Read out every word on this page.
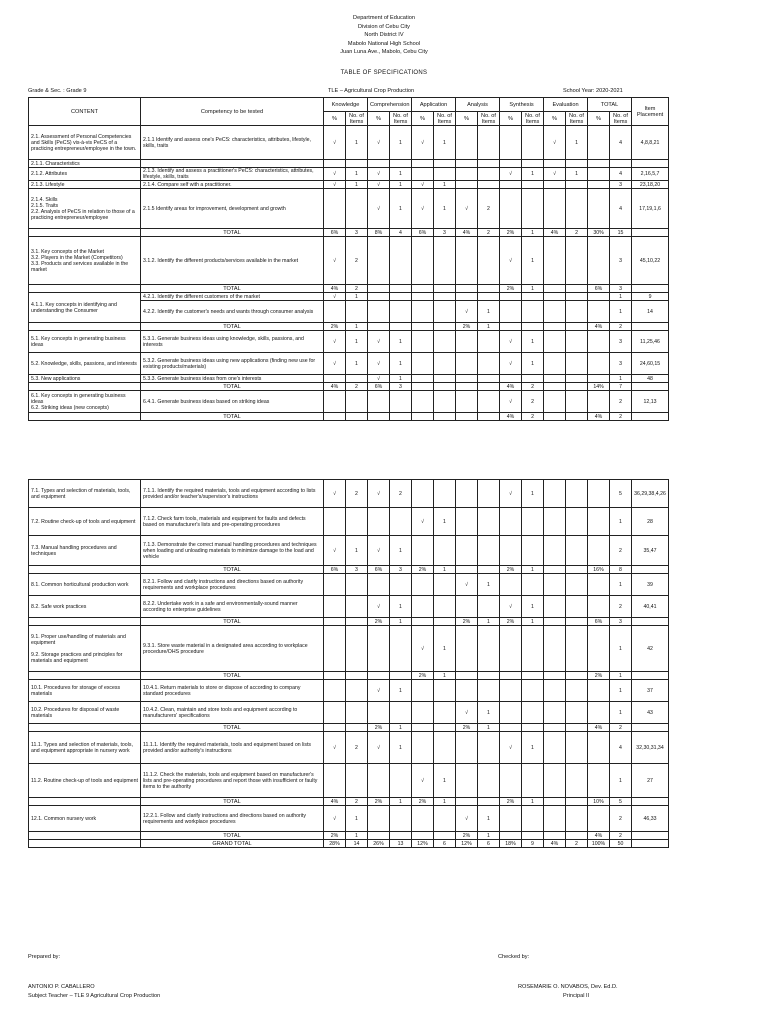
Department of Education
Division of Cebu City
North District IV
Mabolo National High School
Juan Luna Ave., Mabolo, Cebu City
TABLE OF SPECIFICATIONS
Grade & Sec. : Grade 9	TLE – Agricultural Crop Production	School Year: 2020-2021
CONTENT	Competency to be tested	Knowledge		Comprehension		Application		Analysis		Synthesis		Evaluation		TOTAL		Item Placement
		%	No. of Items	%	No. of Items	%	No. of Items	%	No. of Items	%	No. of Items	%	No. of Items	%	No. of Items	
2.1. Assessment of Personal Competencies and Skills (PeCS) vis-à-vis PeCS of a practicing entrepreneur/employee in the town.	2.1.1 Identify and assess one's PeCS: characteristics, attributes, lifestyle, skills, traits	√	1	√	1	√	1					√	1		4	4,8,8,21
2.1.1. Characteristics																
2.1.2. Attributes	2.1.3. Identify and assess a practitioner's PeCS: characteristics, attributes, lifestyle, skills, traits	√	1	√	1					√	1	√	1		4	2,16,5,7
2.1.3. Lifestyle	2.1.4. Compare self with a practitioner.	√	1	√	1	√	1								3	23,18,20
2.1.4. Skills
2.1.5. Traits
2.2. Analysis of PeCS in relation to those of a practicing entrepreneur/employee	2.1.5 Identify areas for improvement, development and growth			√	1	√	1	√	2						4	17,19,1,6
	TOTAL	6%	3	8%	4	6%	3	4%	2	2%	1	4%	2	30%	15	
3.1. Key concepts of the Market
3.2. Players in the Market (Competitors)
3.3. Products and services available in the market	3.1.2. Identify the different products/services available in the market	√	2							√	1				3	45,10,22
	TOTAL	4%	2							2%	1			6%	3	
4.1.1. Key concepts in identifying and understanding the Consumer	4.2.1. Identify the different customers of the market	√	1												1	9
	4.2.2. Identify the customer's needs and wants through consumer analysis							√	1						1	14
	TOTAL	2%	1					2%	1					4%	2	
5.1. Key concepts in generating business ideas	5.3.1. Generate business ideas using knowledge, skills, passions, and interests	√	1	√	1					√	1				3	11,25,46
5.2. Knowledge, skills, passions, and interests	5.3.2. Generate business ideas using new applications (finding new use for existing products/materials)	√	1	√	1					√	1				3	24,60,15
5.3. New applications	5.3.3. Generate business ideas from one's interests			√	1										1	48
	TOTAL	4%	2	6%	3					4%	2			14%	7	
6.1. Key concepts in generating business ideas
6.2. Striking ideas (new concepts)	6.4.1. Generate business ideas based on striking ideas									√	2				2	12,13
	TOTAL									4%	2			4%	2	
7.1. Types and selection of materials, tools, and equipment	7.1.1. Identify the required materials, tools and equipment according to lists provided and/or teacher's/supervisor's instructions	√	2	√	2					√	1				5	36,29,38,4,26
7.2. Routine check-up of tools and equipment	7.1.2. Check farm tools, materials and equipment for faults and defects based on manufacturer's lists and pre-operating procedures					√	1								1	28
7.3. Manual handling procedures and techniques	7.1.3. Demonstrate the correct manual handling procedures and techniques when loading and unloading materials to minimize damage to the load and vehicle	√	1	√	1										2	35,47
	TOTAL	6%	3	6%	3	2%	1			2%	1			16%	8	
8.1. Common horticultural production work	8.2.1. Follow and clarify instructions and directions based on authority requirements and workplace procedures							√	1						1	39
8.2. Safe work practices	8.2.2. Undertake work in a safe and environmentally-sound manner according to enterprise guidelines			√	1					√	1				2	40,41
	TOTAL			2%	1			2%	1	2%	1			6%	3	
9.1. Proper use/handling of materials and equipment

9.2. Storage practices and principles for materials and equipment	9.3.1. Store waste material in a designated area according to workplace procedure/OHS procedure					√	1								1	42
	TOTAL					2%	1							2%	1	
10.1. Procedures for storage of excess materials	10.4.1. Return materials to store or dispose of according to company standard procedures			√	1										1	37
10.2. Procedures for disposal of waste materials	10.4.2. Clean, maintain and store tools and equipment according to manufacturers' specifications							√	1						1	43
	TOTAL			2%	1			2%	1					4%	2	
11.1. Types and selection of materials, tools, and equipment appropriate in nursery work	11.1.1. Identify the required materials, tools and equipment based on lists provided and/or authority's instructions	√	2	√	1					√	1				4	32,30,31,34
11.2. Routine check-up of tools and equipment	11.1.2. Check the materials, tools and equipment based on manufacturer's lists and pre-operating procedures and report those with insufficient or faulty items to the authority					√	1								1	27
	TOTAL	4%	2	2%	1	2%	1			2%	1			10%	5	
12.1. Common nursery work	12.2.1. Follow and clarify instructions and directions based on authority requirements and workplace procedures	√	1					√	1						2	46,33
	TOTAL	2%	1					2%	1					4%	2	
	GRAND TOTAL	28%	14	26%	13	12%	6	12%	6	18%	9	4%	2	100%	50	
Prepared by:
ANTONIO P. CABALLERO
Subject Teacher – TLE 9 Agricultural Crop Production
Checked by:
ROSEMARIE O. NOVABOS, Dev. Ed.D.
Principal II
